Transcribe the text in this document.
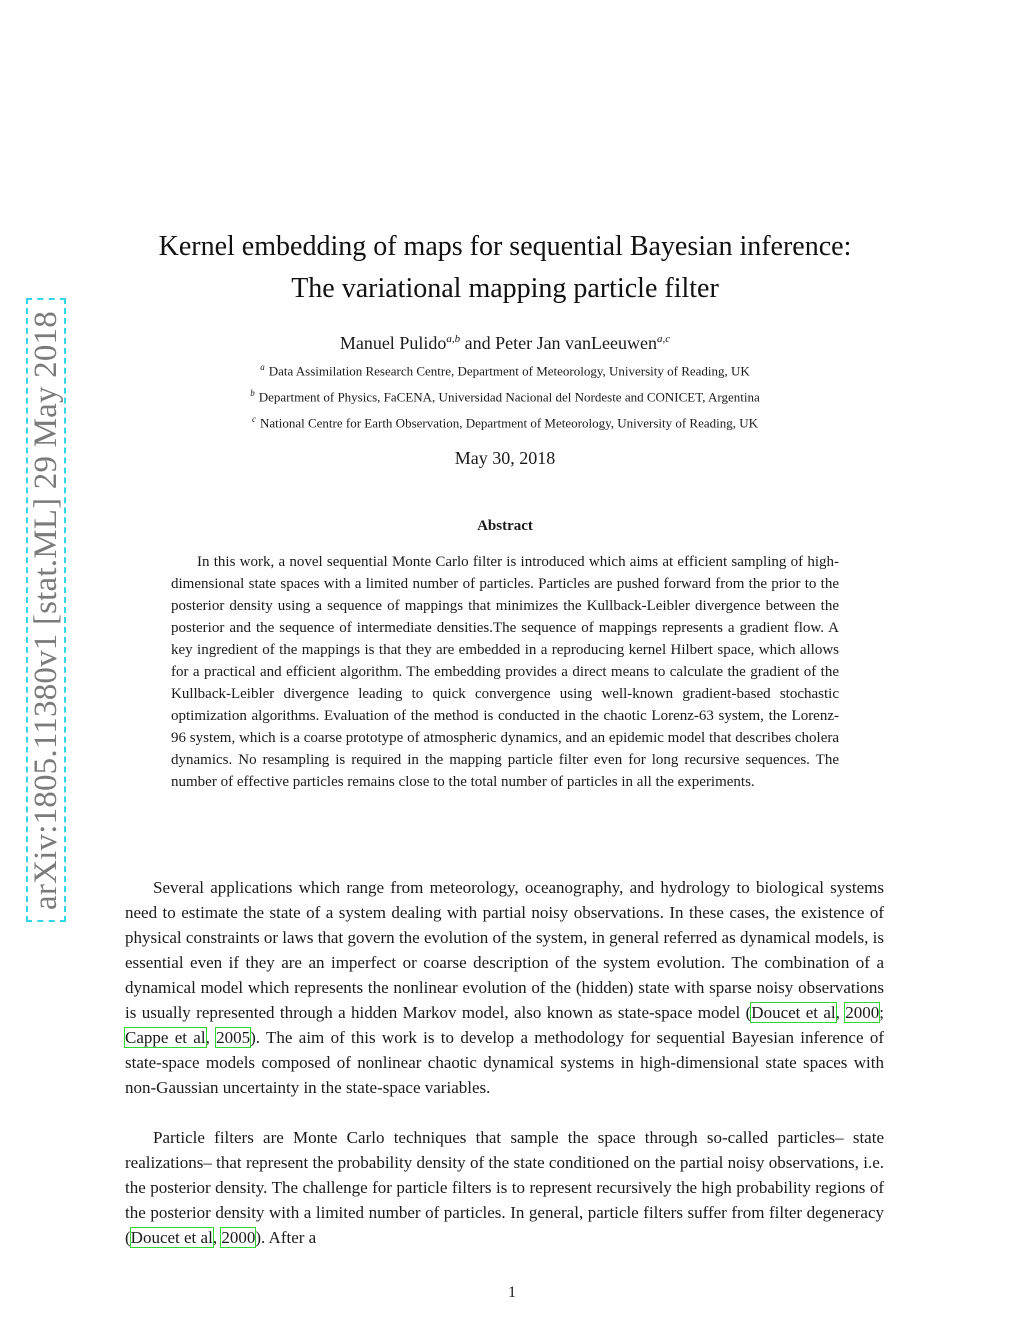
arXiv:1805.11380v1 [stat.ML] 29 May 2018
Kernel embedding of maps for sequential Bayesian inference:
The variational mapping particle filter
Manuel Pulido$^{a,b}$ and Peter Jan vanLeeuwen$^{a,c}$
$^a$ Data Assimilation Research Centre, Department of Meteorology, University of Reading, UK
$^b$ Department of Physics, FaCENA, Universidad Nacional del Nordeste and CONICET, Argentina
$^c$ National Centre for Earth Observation, Department of Meteorology, University of Reading, UK
May 30, 2018
Abstract

In this work, a novel sequential Monte Carlo filter is introduced which aims at efficient sampling of high-dimensional state spaces with a limited number of particles. Particles are pushed forward from the prior to the posterior density using a sequence of mappings that minimizes the Kullback-Leibler divergence between the posterior and the sequence of intermediate densities.The sequence of mappings represents a gradient flow. A key ingredient of the mappings is that they are embedded in a reproducing kernel Hilbert space, which allows for a practical and efficient algorithm. The embedding provides a direct means to calculate the gradient of the Kullback-Leibler divergence leading to quick convergence using well-known gradient-based stochastic optimization algorithms. Evaluation of the method is conducted in the chaotic Lorenz-63 system, the Lorenz-96 system, which is a coarse prototype of atmospheric dynamics, and an epidemic model that describes cholera dynamics. No resampling is required in the mapping particle filter even for long recursive sequences. The number of effective particles remains close to the total number of particles in all the experiments.

Several applications which range from meteorology, oceanography, and hydrology to biological systems need to estimate the state of a system dealing with partial noisy observations. In these cases, the existence of physical constraints or laws that govern the evolution of the system, in general referred as dynamical models, is essential even if they are an imperfect or coarse description of the system evolution. The combination of a dynamical model which represents the nonlinear evolution of the (hidden) state with sparse noisy observations is usually represented through a hidden Markov model, also known as state-space model (Doucet et al, 2000; Cappe et al, 2005). The aim of this work is to develop a methodology for sequential Bayesian inference of state-space models composed of nonlinear chaotic dynamical systems in high-dimensional state spaces with non-Gaussian uncertainty in the state-space variables.

Particle filters are Monte Carlo techniques that sample the space through so-called particles– state realizations– that represent the probability density of the state conditioned on the partial noisy observations, i.e. the posterior density. The challenge for particle filters is to represent recursively the high probability regions of the posterior density with a limited number of particles. In general, particle filters suffer from filter degeneracy (Doucet et al, 2000). After a

1
